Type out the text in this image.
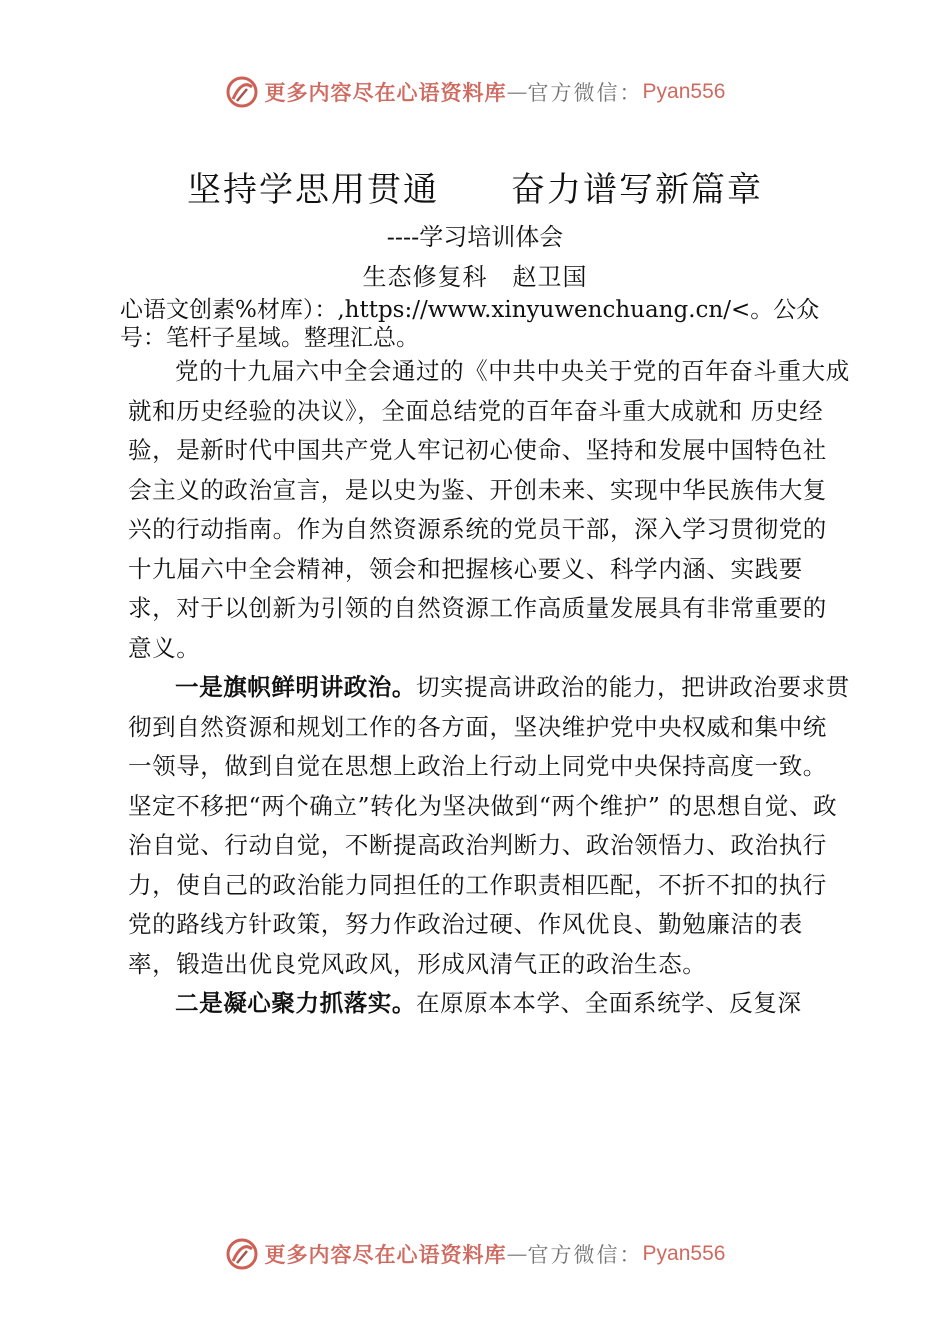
更多内容尽在心语资料库 — 官方微信： Pyan556
坚持学思用贯通　　奋力谱写新篇章
----学习培训体会
生态修复科　赵卫国
心语文创素%材库）：,https://www.xinyuwenchuang.cn/<。公众号：笔杆子星域。整理汇总。

党的十九届六中全会通过的《中共中央关于党的百年奋斗重大成就和历史经验的决议》，全面总结党的百年奋斗重大成就和 历史经验，是新时代中国共产党人牢记初心使命、坚持和发展中国特色社会主义的政治宣言，是以史为鉴、开创未来、实现中华民族伟大复兴的行动指南。作为自然资源系统的党员干部，深入学习贯彻党的十九届六中全会精神，领会和把握核心要义、科学内涵、实践要求，对于以创新为引领的自然资源工作高质量发展具有非常重要的意义。

一是旗帜鲜明讲政治。切实提高讲政治的能力，把讲政治要求贯彻到自然资源和规划工作的各方面，坚决维护党中央权威和集中统一领导，做到自觉在思想上政治上行动上同党中央保持高度一致。坚定不移把“两个确立”转化为坚决做到“两个维护” 的思想自觉、政治自觉、行动自觉，不断提高政治判断力、政治领悟力、政治执行力，使自己的政治能力同担任的工作职责相匹配，不折不扣的执行党的路线方针政策，努力作政治过硬、作风优良、勤勉廉洁的表率，锻造出优良党风政风，形成风清气正的政治生态。

二是凝心聚力抓落实。在原原本本学、全面系统学、反复深

更多内容尽在心语资料库 — 官方微信： Pyan556
